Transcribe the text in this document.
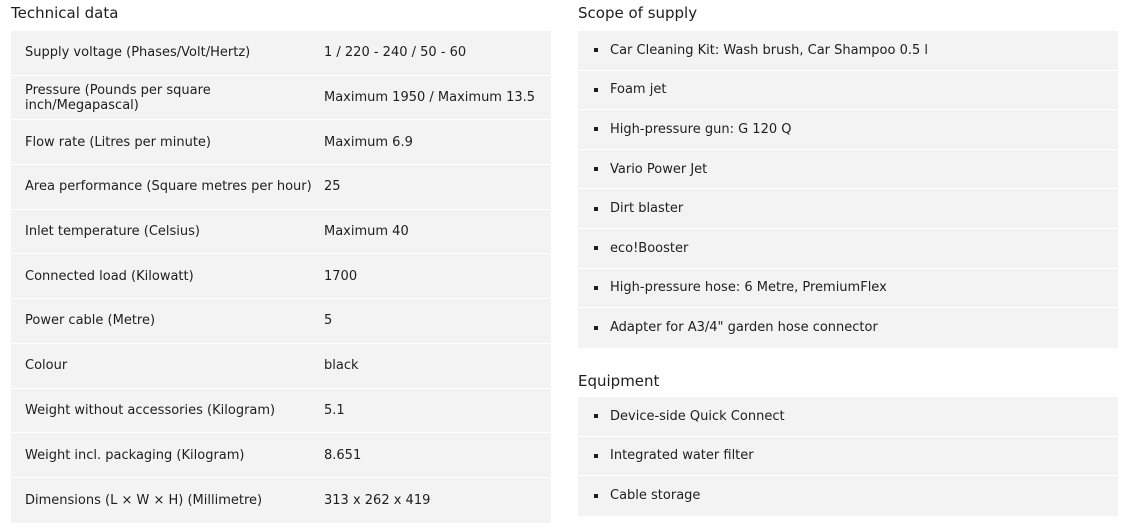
Technical data
Supply voltage (Phases/Volt/Hertz)	1 / 220 - 240 / 50 - 60
Pressure (Pounds per square inch/Megapascal)	Maximum 1950 / Maximum 13.5
Flow rate (Litres per minute)	Maximum 6.9
Area performance (Square metres per hour) 25
Inlet temperature (Celsius)	Maximum 40
Connected load (Kilowatt)	1700
Power cable (Metre)	5
Colour	black
Weight without accessories (Kilogram)	5.1
Weight incl. packaging (Kilogram)	8.651
Dimensions (L × W × H) (Millimetre)	313 x 262 x 419
Scope of supply
Car Cleaning Kit: Wash brush, Car Shampoo 0.5 l
Foam jet
High-pressure gun: G 120 Q
Vario Power Jet
Dirt blaster
eco!Booster
High-pressure hose: 6 Metre, PremiumFlex
Adapter for A3/4" garden hose connector
Equipment
Device-side Quick Connect
Integrated water filter
Cable storage
